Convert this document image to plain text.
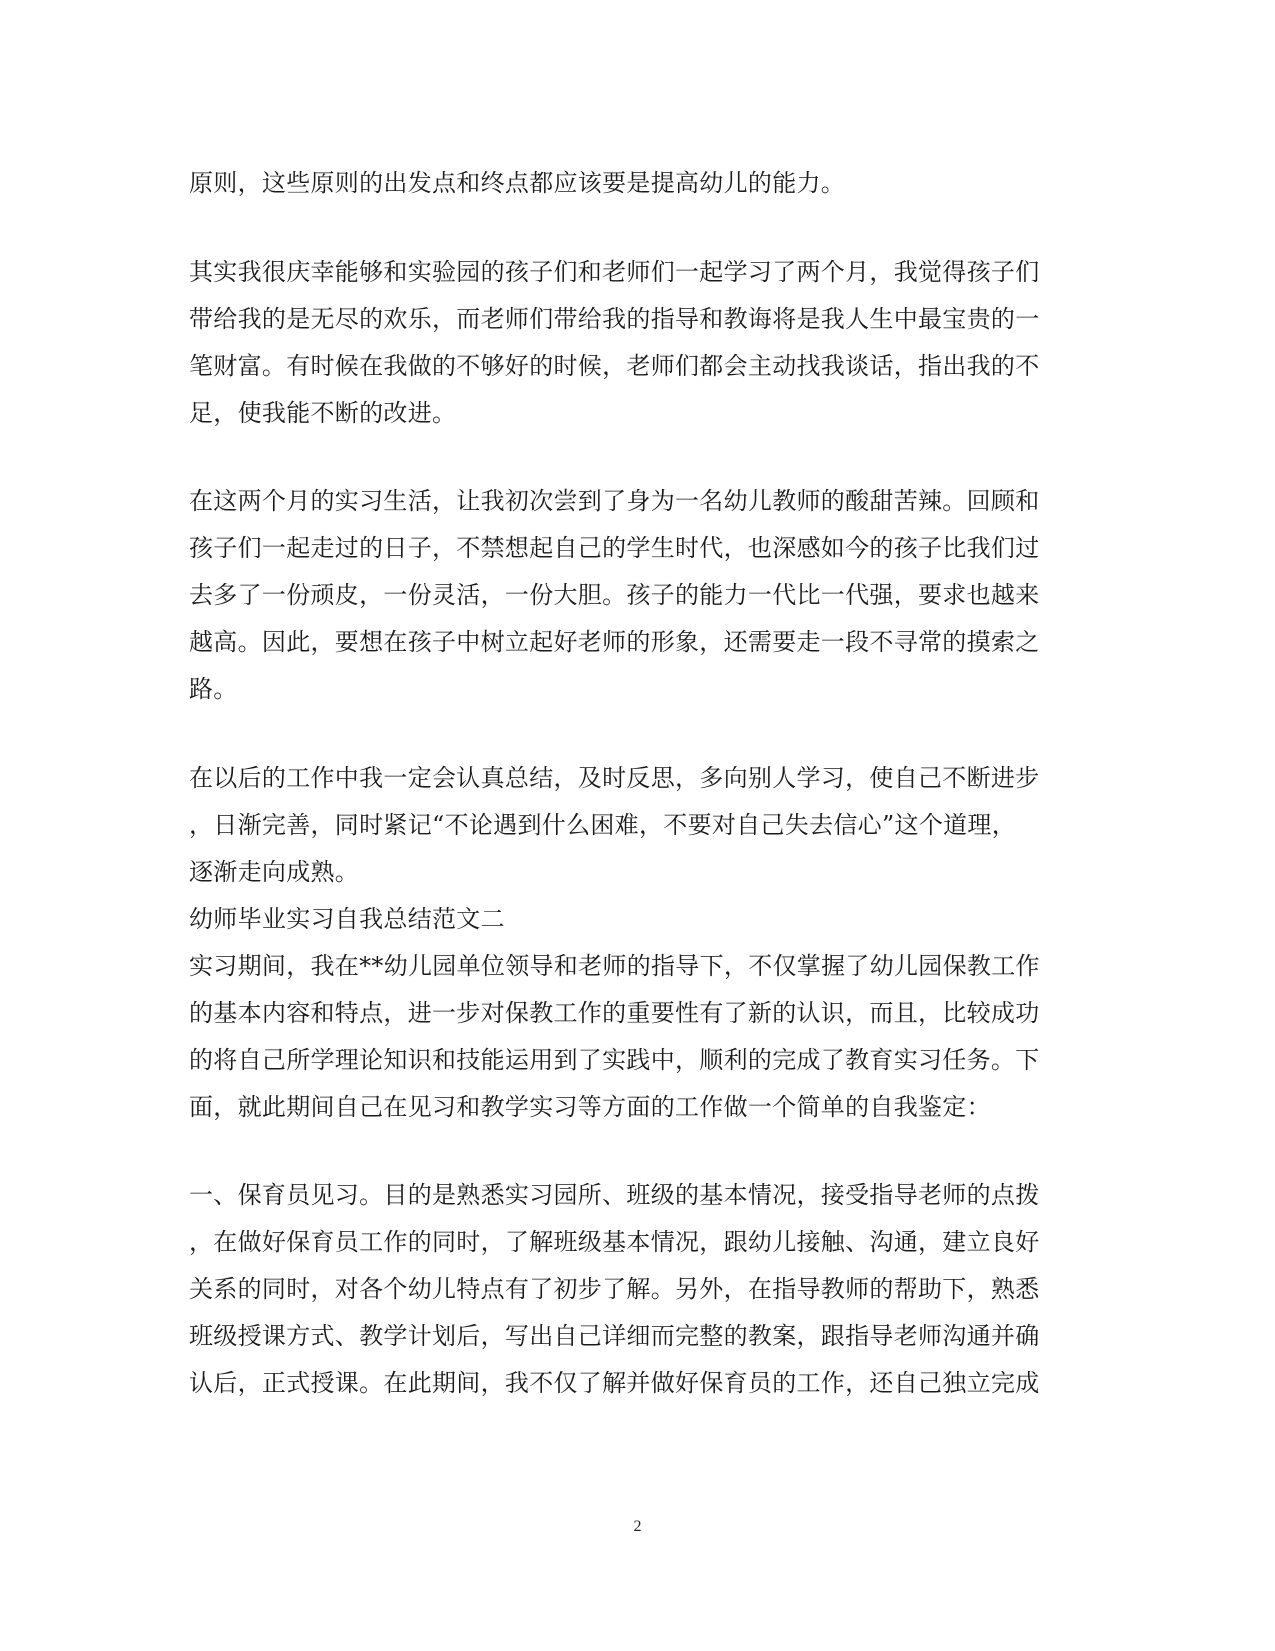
原则，这些原则的出发点和终点都应该要是提高幼儿的能力。
其实我很庆幸能够和实验园的孩子们和老师们一起学习了两个月，我觉得孩子们
带给我的是无尽的欢乐，而老师们带给我的指导和教诲将是我人生中最宝贵的一
笔财富。有时候在我做的不够好的时候，老师们都会主动找我谈话，指出我的不
足，使我能不断的改进。
在这两个月的实习生活，让我初次尝到了身为一名幼儿教师的酸甜苦辣。回顾和
孩子们一起走过的日子，不禁想起自己的学生时代，也深感如今的孩子比我们过
去多了一份顽皮，一份灵活，一份大胆。孩子的能力一代比一代强，要求也越来
越高。因此，要想在孩子中树立起好老师的形象，还需要走一段不寻常的摸索之
路。
在以后的工作中我一定会认真总结，及时反思，多向别人学习，使自己不断进步
，日渐完善，同时紧记“不论遇到什么困难，不要对自己失去信心”这个道理，
逐渐走向成熟。
幼师毕业实习自我总结范文二
实习期间，我在**幼儿园单位领导和老师的指导下，不仅掌握了幼儿园保教工作
的基本内容和特点，进一步对保教工作的重要性有了新的认识，而且，比较成功
的将自己所学理论知识和技能运用到了实践中，顺利的完成了教育实习任务。下
面，就此期间自己在见习和教学实习等方面的工作做一个简单的自我鉴定：
一、保育员见习。目的是熟悉实习园所、班级的基本情况，接受指导老师的点拨
，在做好保育员工作的同时，了解班级基本情况，跟幼儿接触、沟通，建立良好
关系的同时，对各个幼儿特点有了初步了解。另外，在指导教师的帮助下，熟悉
班级授课方式、教学计划后，写出自己详细而完整的教案，跟指导老师沟通并确
认后，正式授课。在此期间，我不仅了解并做好保育员的工作，还自己独立完成
2
